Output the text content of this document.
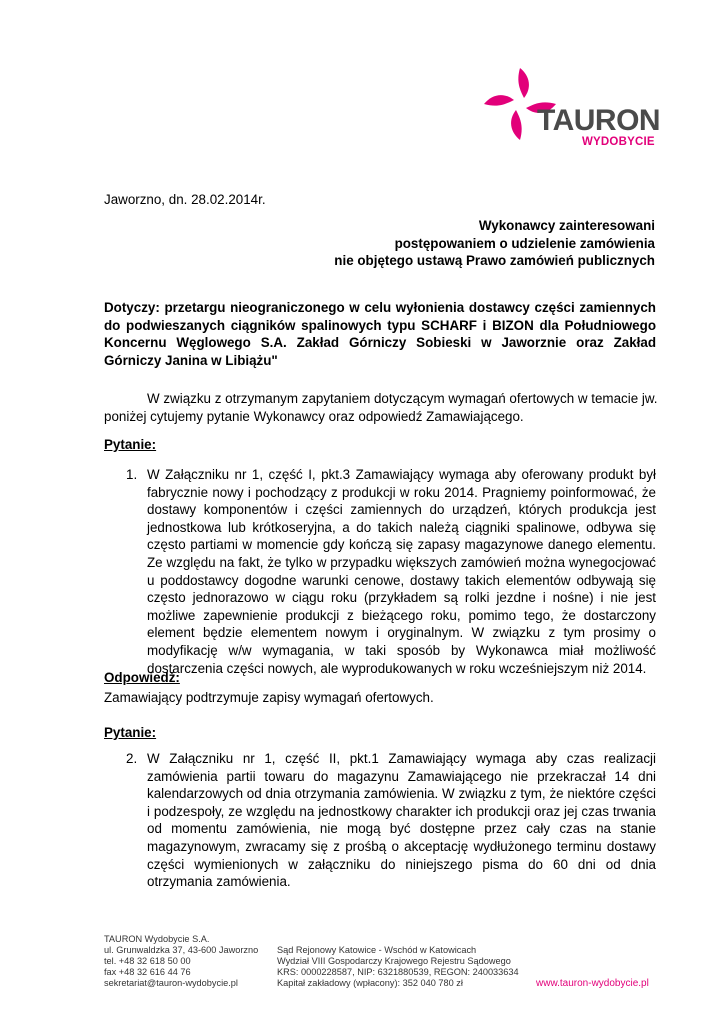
TAURON
WYDOBYCIE
Jaworzno, dn. 28.02.2014r.
Wykonawcy zainteresowani
postępowaniem o udzielenie zamówienia
nie objętego ustawą Prawo zamówień publicznych
Dotyczy: przetargu nieograniczonego w celu wyłonienia dostawcy części zamiennych do podwieszanych ciągników spalinowych typu SCHARF i BIZON dla Południowego Koncernu Węglowego S.A. Zakład Górniczy Sobieski w Jaworznie oraz Zakład Górniczy Janina w Libiążu"
W związku z otrzymanym zapytaniem dotyczącym wymagań ofertowych w temacie jw.
poniżej cytujemy pytanie Wykonawcy oraz odpowiedź Zamawiającego.
Pytanie:
1. W Załączniku nr 1, część I, pkt.3 Zamawiający wymaga aby oferowany produkt był fabrycznie nowy i pochodzący z produkcji w roku 2014. Pragniemy poinformować, że dostawy komponentów i części zamiennych do urządzeń, których produkcja jest jednostkowa lub krótkoseryjna, a do takich należą ciągniki spalinowe, odbywa się często partiami w momencie gdy kończą się zapasy magazynowe danego elementu. Ze względu na fakt, że tylko w przypadku większych zamówień można wynegocjować u poddostawcy dogodne warunki cenowe, dostawy takich elementów odbywają się często jednorazowo w ciągu roku (przykładem są rolki jezdne i nośne) i nie jest możliwe zapewnienie produkcji z bieżącego roku, pomimo tego, że dostarczony element będzie elementem nowym i oryginalnym. W związku z tym prosimy o modyfikację w/w wymagania, w taki sposób by Wykonawca miał możliwość dostarczenia części nowych, ale wyprodukowanych w roku wcześniejszym niż 2014.
Odpowiedź:
Zamawiający podtrzymuje zapisy wymagań ofertowych.
Pytanie:
2. W Załączniku nr 1, część II, pkt.1 Zamawiający wymaga aby czas realizacji zamówienia partii towaru do magazynu Zamawiającego nie przekraczał 14 dni kalendarzowych od dnia otrzymania zamówienia. W związku z tym, że niektóre części i podzespoły, ze względu na jednostkowy charakter ich produkcji oraz jej czas trwania od momentu zamówienia, nie mogą być dostępne przez cały czas na stanie magazynowym, zwracamy się z prośbą o akceptację wydłużonego terminu dostawy części wymienionych w załączniku do niniejszego pisma do 60 dni od dnia otrzymania zamówienia.
TAURON Wydobycie S.A.
ul. Grunwaldzka 37, 43-600 Jaworzno
tel. +48 32 618 50 00
fax +48 32 616 44 76
sekretariat@tauron-wydobycie.pl
Sąd Rejonowy Katowice - Wschód w Katowicach
Wydział VIII Gospodarczy Krajowego Rejestru Sądowego
KRS: 0000228587, NIP: 6321880539, REGON: 240033634
Kapitał zakładowy (wpłacony): 352 040 780 zł	www.tauron-wydobycie.pl
